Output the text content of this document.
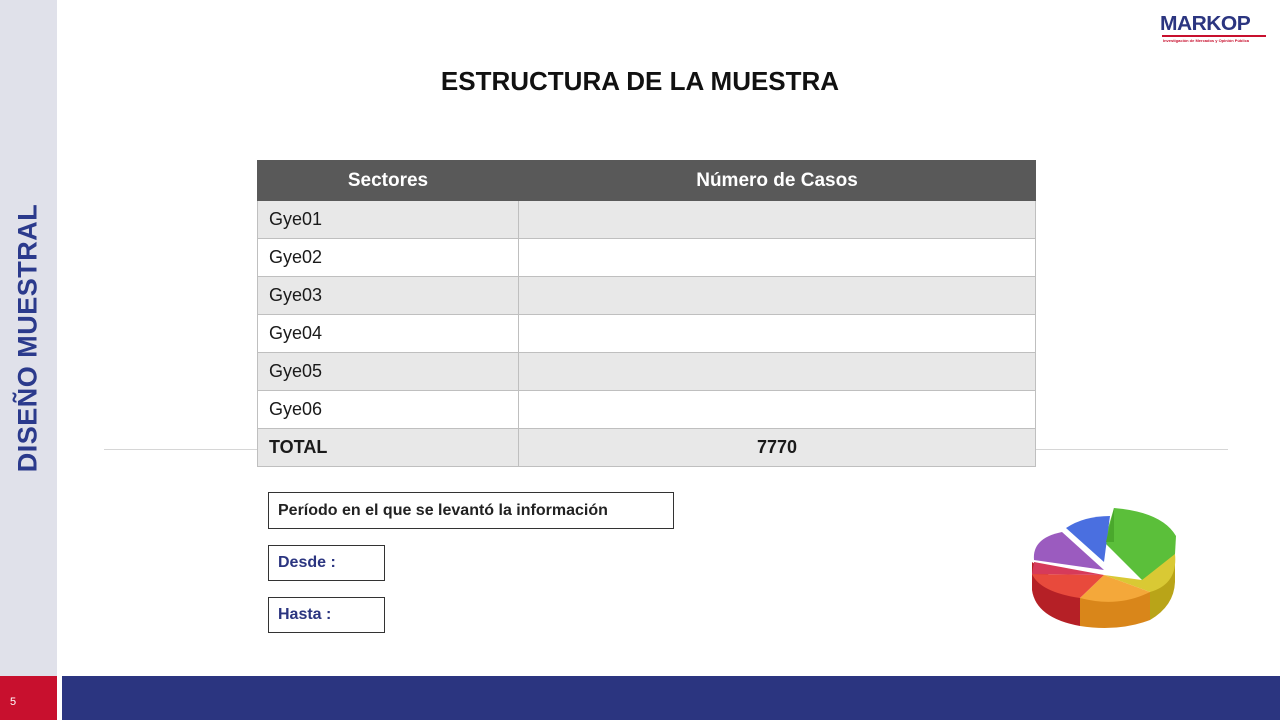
DISEÑO MUESTRAL
MARKOP
Investigación de Mercados y Opinión Pública
ESTRUCTURA DE LA MUESTRA
Sectores	Número de Casos
Gye01	
Gye02	
Gye03	
Gye04	
Gye05	
Gye06	
TOTAL	7770
Período en el que se levantó la información
Desde :
Hasta :
5
